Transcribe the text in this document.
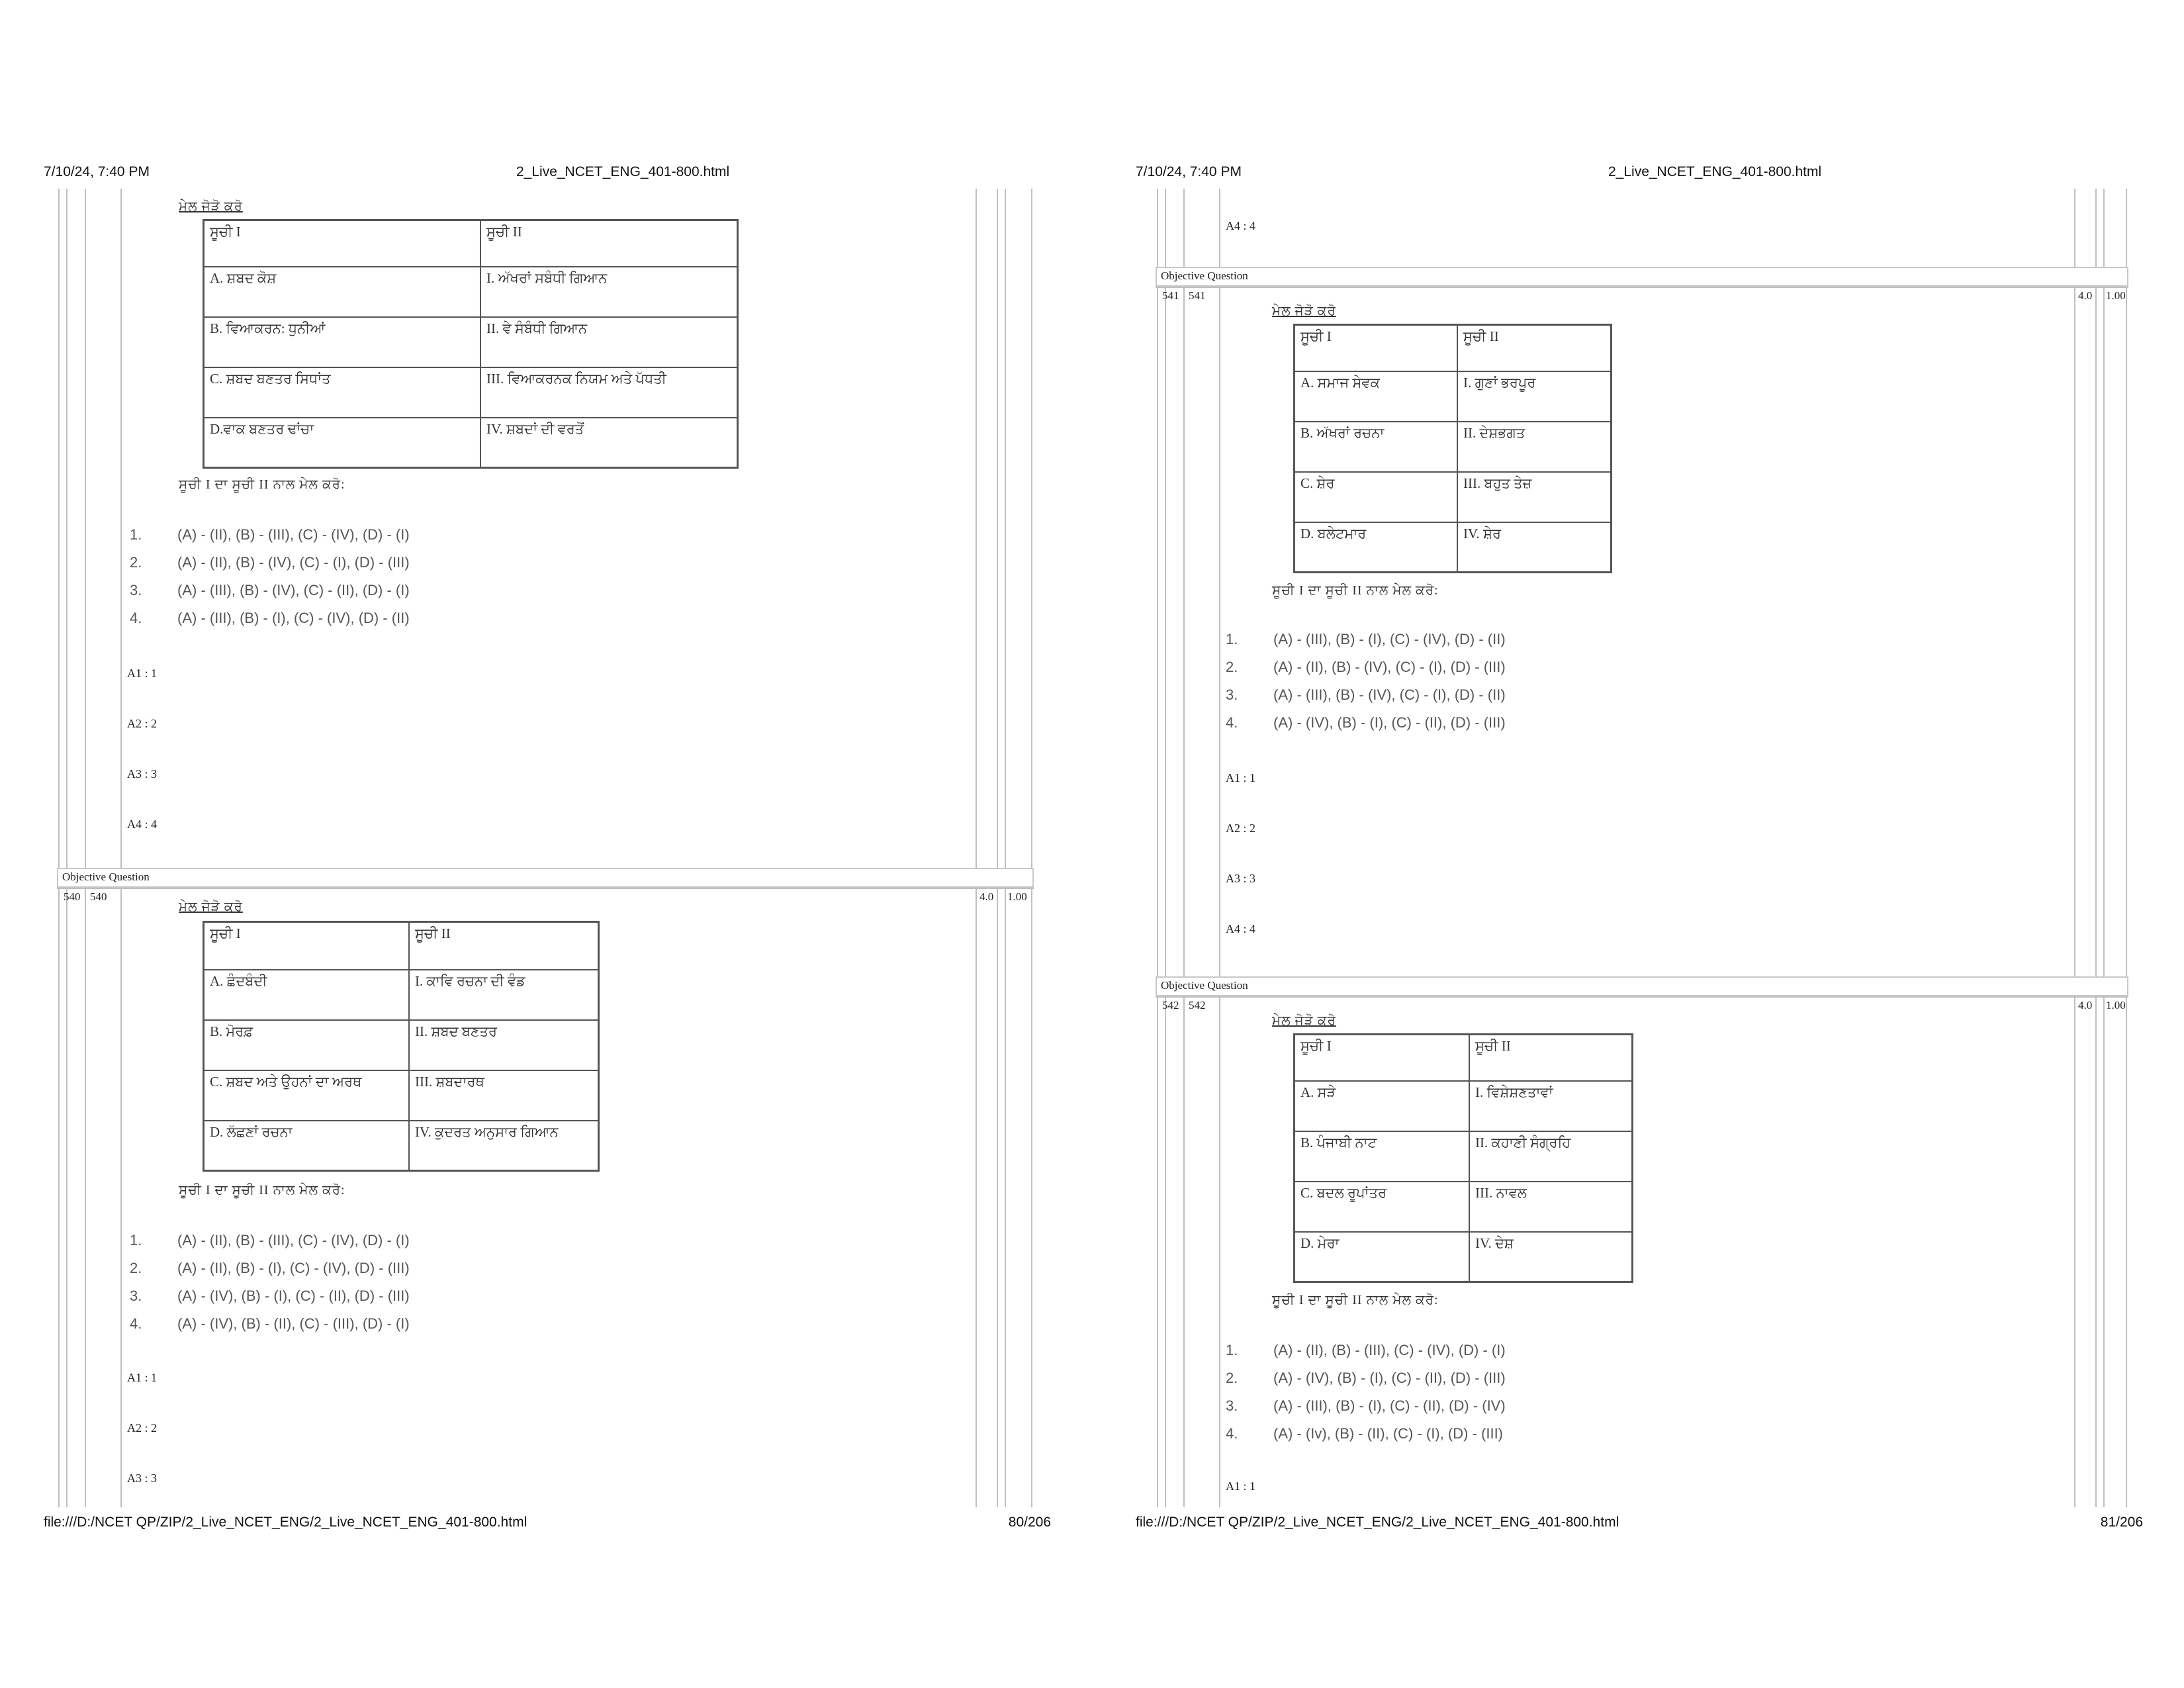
7/10/24, 7:40 PM	2_Live_NCET_ENG_401-800.html
ਮੇਲ ਜੋੜੋ ਕਰੋ
ਸੂਚੀ I	ਸੂਚੀ II
A. ਸ਼ਬਦ ਕੋਸ਼	I. ਅੱਖਰਾਂ ਸਬੰਧੀ ਗਿਆਨ
B. ਵਿਆਕਰਨ: ਧੁਨੀਆਂ	II. ਵੇ ਸੰਬੰਧੀ ਗਿਆਨ
C. ਸ਼ਬਦ ਬਣਤਰ ਸਿਧਾਂਤ	III. ਵਿਆਕਰਨਕ ਨਿਯਮ ਅਤੇ ਪੱਧਤੀ
D.ਵਾਕ ਬਣਤਰ ਢਾਂਚਾ	IV. ਸ਼ਬਦਾਂ ਦੀ ਵਰਤੋਂ
ਸੂਚੀ I ਦਾ ਸੂਚੀ II ਨਾਲ ਮੇਲ ਕਰੋ:
1. (A) - (II), (B) - (III), (C) - (IV), (D) - (I)
2. (A) - (II), (B) - (IV), (C) - (I), (D) - (III)
3. (A) - (III), (B) - (IV), (C) - (II), (D) - (I)
4. (A) - (III), (B) - (I), (C) - (IV), (D) - (II)
A1 : 1
A2 : 2
A3 : 3
A4 : 4
Objective Question
540 540	4.0 1.00
ਮੇਲ ਜੋੜੋ ਕਰੋ
ਸੂਚੀ I	ਸੂਚੀ II
A. ਛੰਦਬੰਦੀ	I. ਕਾਵਿ ਰਚਨਾ ਦੀ ਵੰਡ
B. ਮੋਰਫ਼	II. ਸ਼ਬਦ ਬਣਤਰ
C. ਸ਼ਬਦ ਅਤੇ ਉਹਨਾਂ ਦਾ ਅਰਥ	III. ਸ਼ਬਦਾਰਥ
D. ਲੱਛਣਾਂ ਰਚਨਾ	IV. ਕੁਦਰਤ ਅਨੁਸਾਰ ਗਿਆਨ
ਸੂਚੀ I ਦਾ ਸੂਚੀ II ਨਾਲ ਮੇਲ ਕਰੋ:
1. (A) - (II), (B) - (III), (C) - (IV), (D) - (I)
2. (A) - (II), (B) - (I), (C) - (IV), (D) - (III)
3. (A) - (IV), (B) - (I), (C) - (II), (D) - (III)
4. (A) - (IV), (B) - (II), (C) - (III), (D) - (I)
A1 : 1
A2 : 2
A3 : 3
file:///D:/NCET QP/ZIP/2_Live_NCET_ENG/2_Live_NCET_ENG_401-800.html	80/206
7/10/24, 7:40 PM	2_Live_NCET_ENG_401-800.html
A4 : 4
Objective Question
541 541	4.0 1.00
ਮੇਲ ਜੋੜੋ ਕਰੋ
ਸੂਚੀ I	ਸੂਚੀ II
A. ਸਮਾਜ ਸੇਵਕ	I. ਗੁਣਾਂ ਭਰਪੂਰ
B. ਅੱਖਰਾਂ ਰਚਨਾ	II. ਦੇਸ਼ਭਗਤ
C. ਸ਼ੇਰ	III. ਬਹੁਤ ਤੇਜ਼
D. ਬਲੇਟਮਾਰ	IV. ਸ਼ੇਰ
ਸੂਚੀ I ਦਾ ਸੂਚੀ II ਨਾਲ ਮੇਲ ਕਰੋ:
1. (A) - (III), (B) - (I), (C) - (IV), (D) - (II)
2. (A) - (II), (B) - (IV), (C) - (I), (D) - (III)
3. (A) - (III), (B) - (IV), (C) - (I), (D) - (II)
4. (A) - (IV), (B) - (I), (C) - (II), (D) - (III)
A1 : 1
A2 : 2
A3 : 3
A4 : 4
Objective Question
542 542	4.0 1.00
ਮੇਲ ਜੋੜੋ ਕਰੋ
ਸੂਚੀ I	ਸੂਚੀ II
A. ਸੜੇ	I. ਵਿਸ਼ੇਸ਼ਣਤਾਵਾਂ
B. ਪੰਜਾਬੀ ਨਾਟ	II. ਕਹਾਣੀ ਸੰਗ੍ਰਹਿ
C. ਬਦਲ ਰੂਪਾਂਤਰ	III. ਨਾਵਲ
D. ਮੇਰਾ	IV. ਦੇਸ਼
ਸੂਚੀ I ਦਾ ਸੂਚੀ II ਨਾਲ ਮੇਲ ਕਰੋ:
1. (A) - (II), (B) - (III), (C) - (IV), (D) - (I)
2. (A) - (IV), (B) - (I), (C) - (II), (D) - (III)
3. (A) - (III), (B) - (I), (C) - (II), (D) - (IV)
4. (A) - (Iv), (B) - (II), (C) - (I), (D) - (III)
A1 : 1
file:///D:/NCET QP/ZIP/2_Live_NCET_ENG/2_Live_NCET_ENG_401-800.html	81/206
